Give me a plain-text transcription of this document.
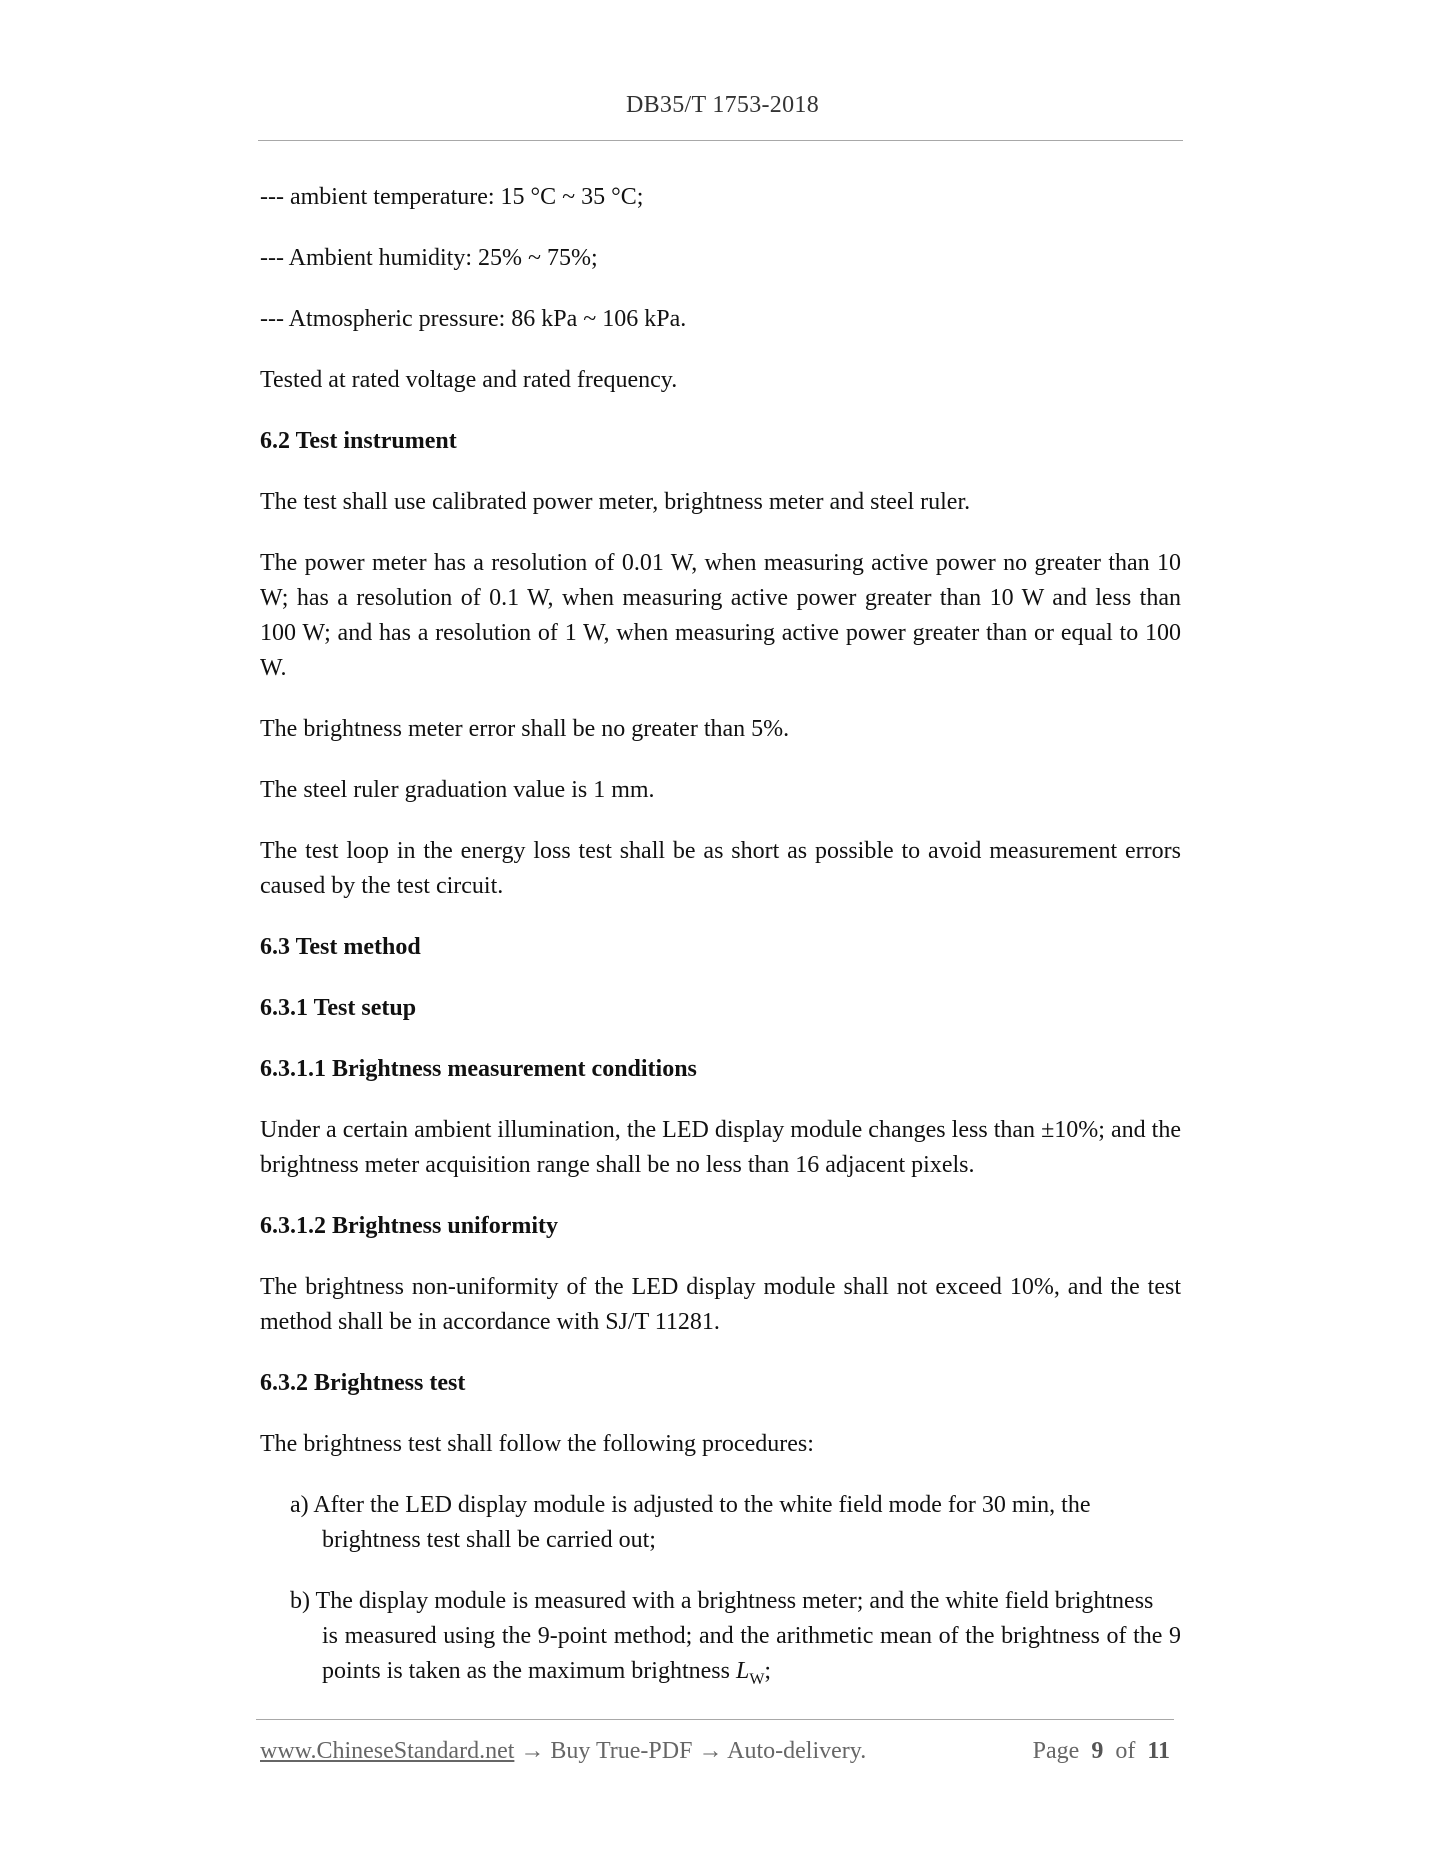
DB35/T 1753-2018

--- ambient temperature: 15 °C ~ 35 °C;

--- Ambient humidity: 25% ~ 75%;

--- Atmospheric pressure: 86 kPa ~ 106 kPa.

Tested at rated voltage and rated frequency.

6.2 Test instrument

The test shall use calibrated power meter, brightness meter and steel ruler.

The power meter has a resolution of 0.01 W, when measuring active power no greater than 10 W; has a resolution of 0.1 W, when measuring active power greater than 10 W and less than 100 W; and has a resolution of 1 W, when measuring active power greater than or equal to 100 W.

The brightness meter error shall be no greater than 5%.

The steel ruler graduation value is 1 mm.

The test loop in the energy loss test shall be as short as possible to avoid measurement errors caused by the test circuit.

6.3 Test method
6.3.1 Test setup
6.3.1.1 Brightness measurement conditions

Under a certain ambient illumination, the LED display module changes less than ±10%; and the brightness meter acquisition range shall be no less than 16 adjacent pixels.

6.3.1.2 Brightness uniformity

The brightness non-uniformity of the LED display module shall not exceed 10%, and the test method shall be in accordance with SJ/T 11281.

6.3.2 Brightness test

The brightness test shall follow the following procedures:

a) After the LED display module is adjusted to the white field mode for 30 min, the
brightness test shall be carried out;
b) The display module is measured with a brightness meter; and the white field brightness
is measured using the 9-point method; and the arithmetic mean of the brightness of the 9 points is taken as the maximum brightness $L_W$;
www.ChineseStandard.net → Buy True-PDF → Auto-delivery.	Page 9 of 11
